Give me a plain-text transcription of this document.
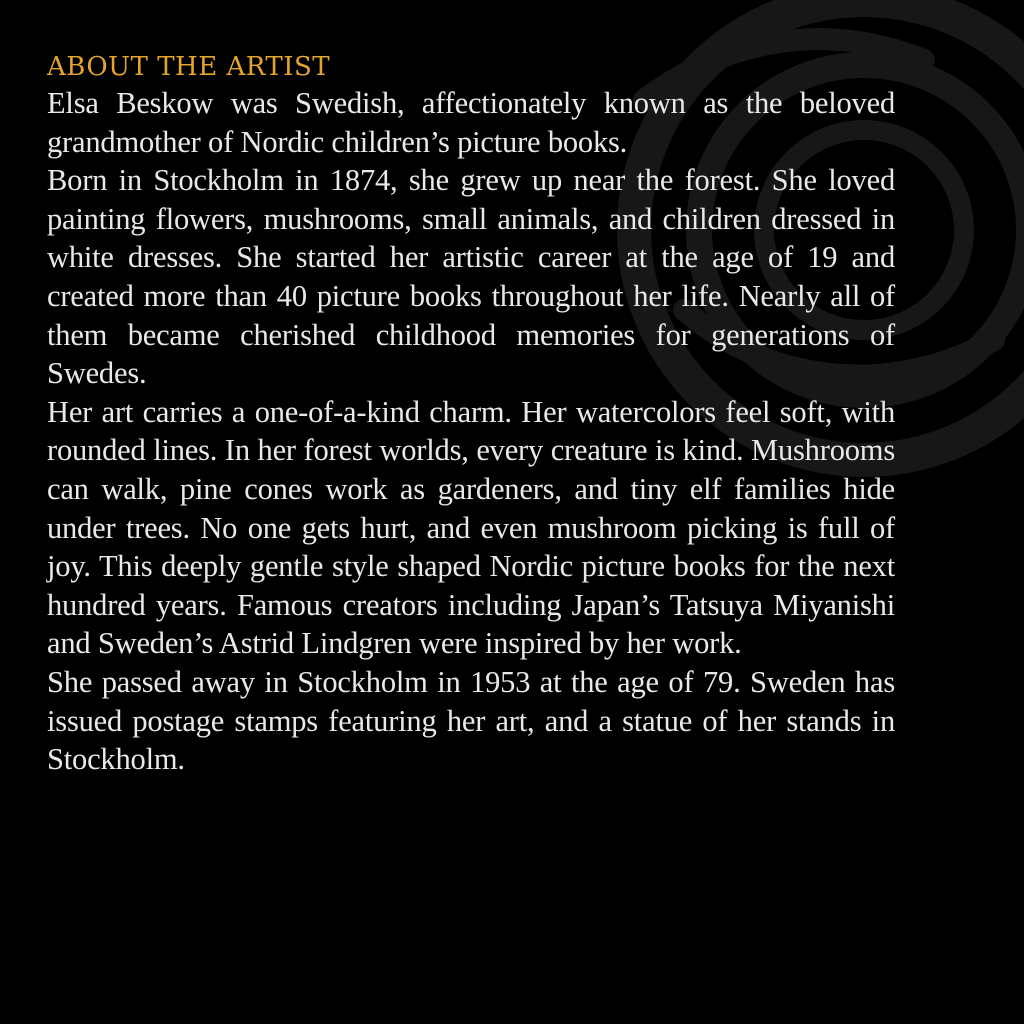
ABOUT THE ARTIST

Elsa Beskow was Swedish, affectionately known as the beloved grandmother of Nordic children’s picture books.

Born in Stockholm in 1874, she grew up near the forest. She loved painting flowers, mushrooms, small animals, and children dressed in white dresses. She started her artistic career at the age of 19 and created more than 40 picture books throughout her life. Nearly all of them became cherished childhood memories for generations of Swedes.

Her art carries a one-of-a-kind charm. Her watercolors feel soft, with rounded lines. In her forest worlds, every creature is kind. Mushrooms can walk, pine cones work as gardeners, and tiny elf families hide under trees. No one gets hurt, and even mushroom picking is full of joy. This deeply gentle style shaped Nordic picture books for the next hundred years. Famous creators including Japan’s Tatsuya Miyanishi and Sweden’s Astrid Lindgren were inspired by her work.

She passed away in Stockholm in 1953 at the age of 79. Sweden has issued postage stamps featuring her art, and a statue of her stands in Stockholm.
